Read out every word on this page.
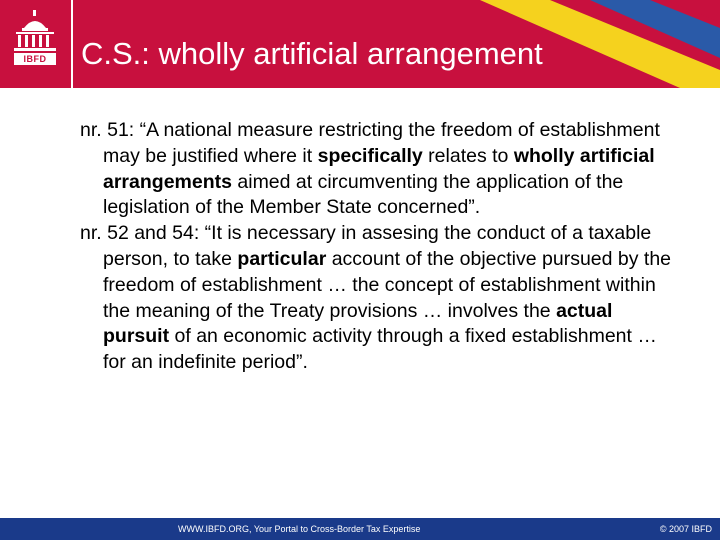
IBFD	C.S.: wholly artificial arrangement

nr. 51: “A national measure restricting the freedom of establishment may be justified where it specifically relates to wholly artificial arrangements aimed at circumventing the application of the legislation of the Member State concerned”.

nr. 52 and 54: “It is necessary in assesing the conduct of a taxable person, to take particular account of the objective pursued by the freedom of establishment … the concept of establishment within the meaning of the Treaty provisions … involves the actual pursuit of an economic activity through a fixed establishment … for an indefinite period”.

WWW.IBFD.ORG, Your Portal to Cross-Border Tax Expertise	© 2007 IBFD
